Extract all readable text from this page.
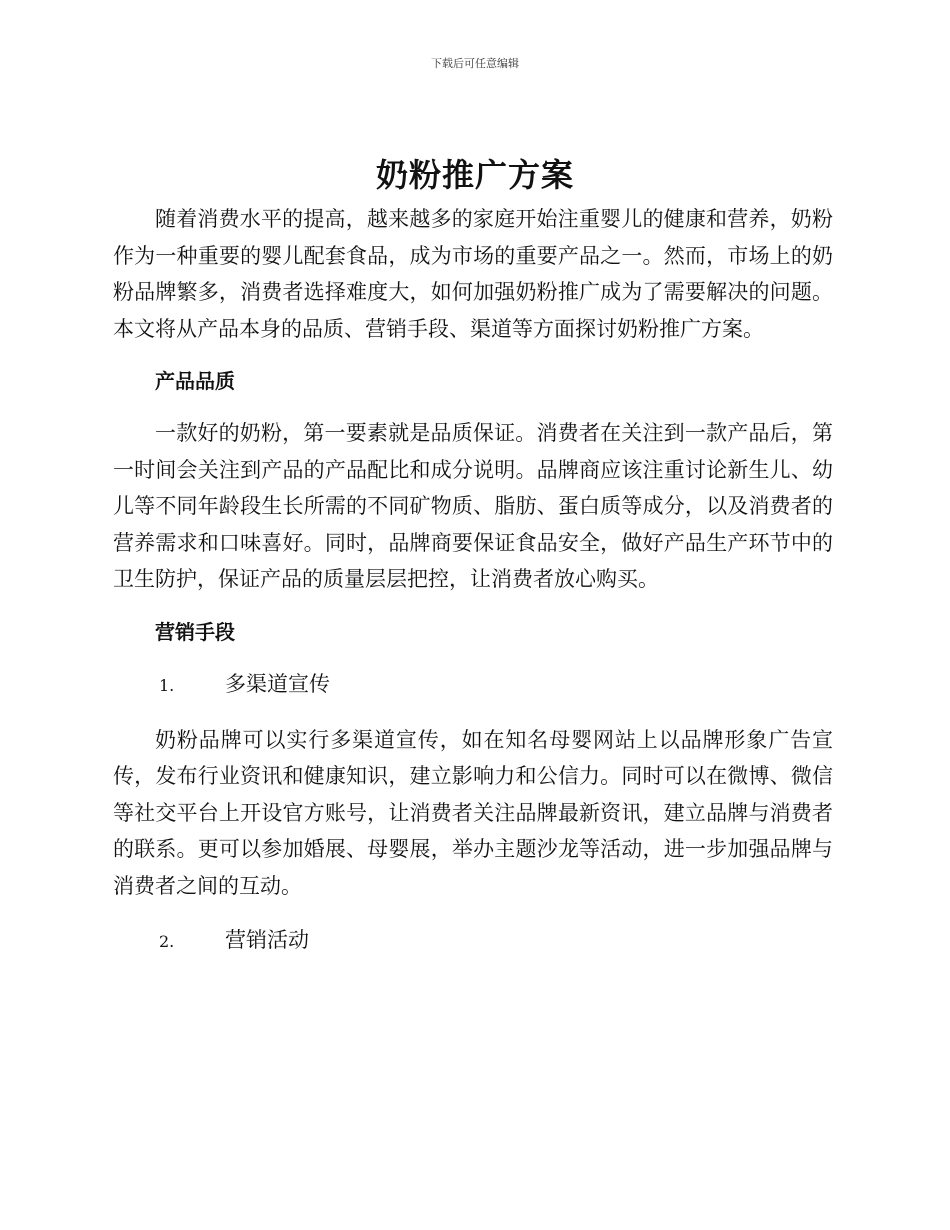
下载后可任意编辑
奶粉推广方案

随着消费水平的提高，越来越多的家庭开始注重婴儿的健康和营养，奶粉作为一种重要的婴儿配套食品，成为市场的重要产品之一。然而，市场上的奶粉品牌繁多，消费者选择难度大，如何加强奶粉推广成为了需要解决的问题。本文将从产品本身的品质、营销手段、渠道等方面探讨奶粉推广方案。

产品品质

一款好的奶粉，第一要素就是品质保证。消费者在关注到一款产品后，第一时间会关注到产品的产品配比和成分说明。品牌商应该注重讨论新生儿、幼儿等不同年龄段生长所需的不同矿物质、脂肪、蛋白质等成分，以及消费者的营养需求和口味喜好。同时，品牌商要保证食品安全，做好产品生产环节中的卫生防护，保证产品的质量层层把控，让消费者放心购买。

营销手段
1.	多渠道宣传

奶粉品牌可以实行多渠道宣传，如在知名母婴网站上以品牌形象广告宣传，发布行业资讯和健康知识，建立影响力和公信力。同时可以在微博、微信等社交平台上开设官方账号，让消费者关注品牌最新资讯，建立品牌与消费者的联系。更可以参加婚展、母婴展，举办主题沙龙等活动，进一步加强品牌与消费者之间的互动。

2.	营销活动
